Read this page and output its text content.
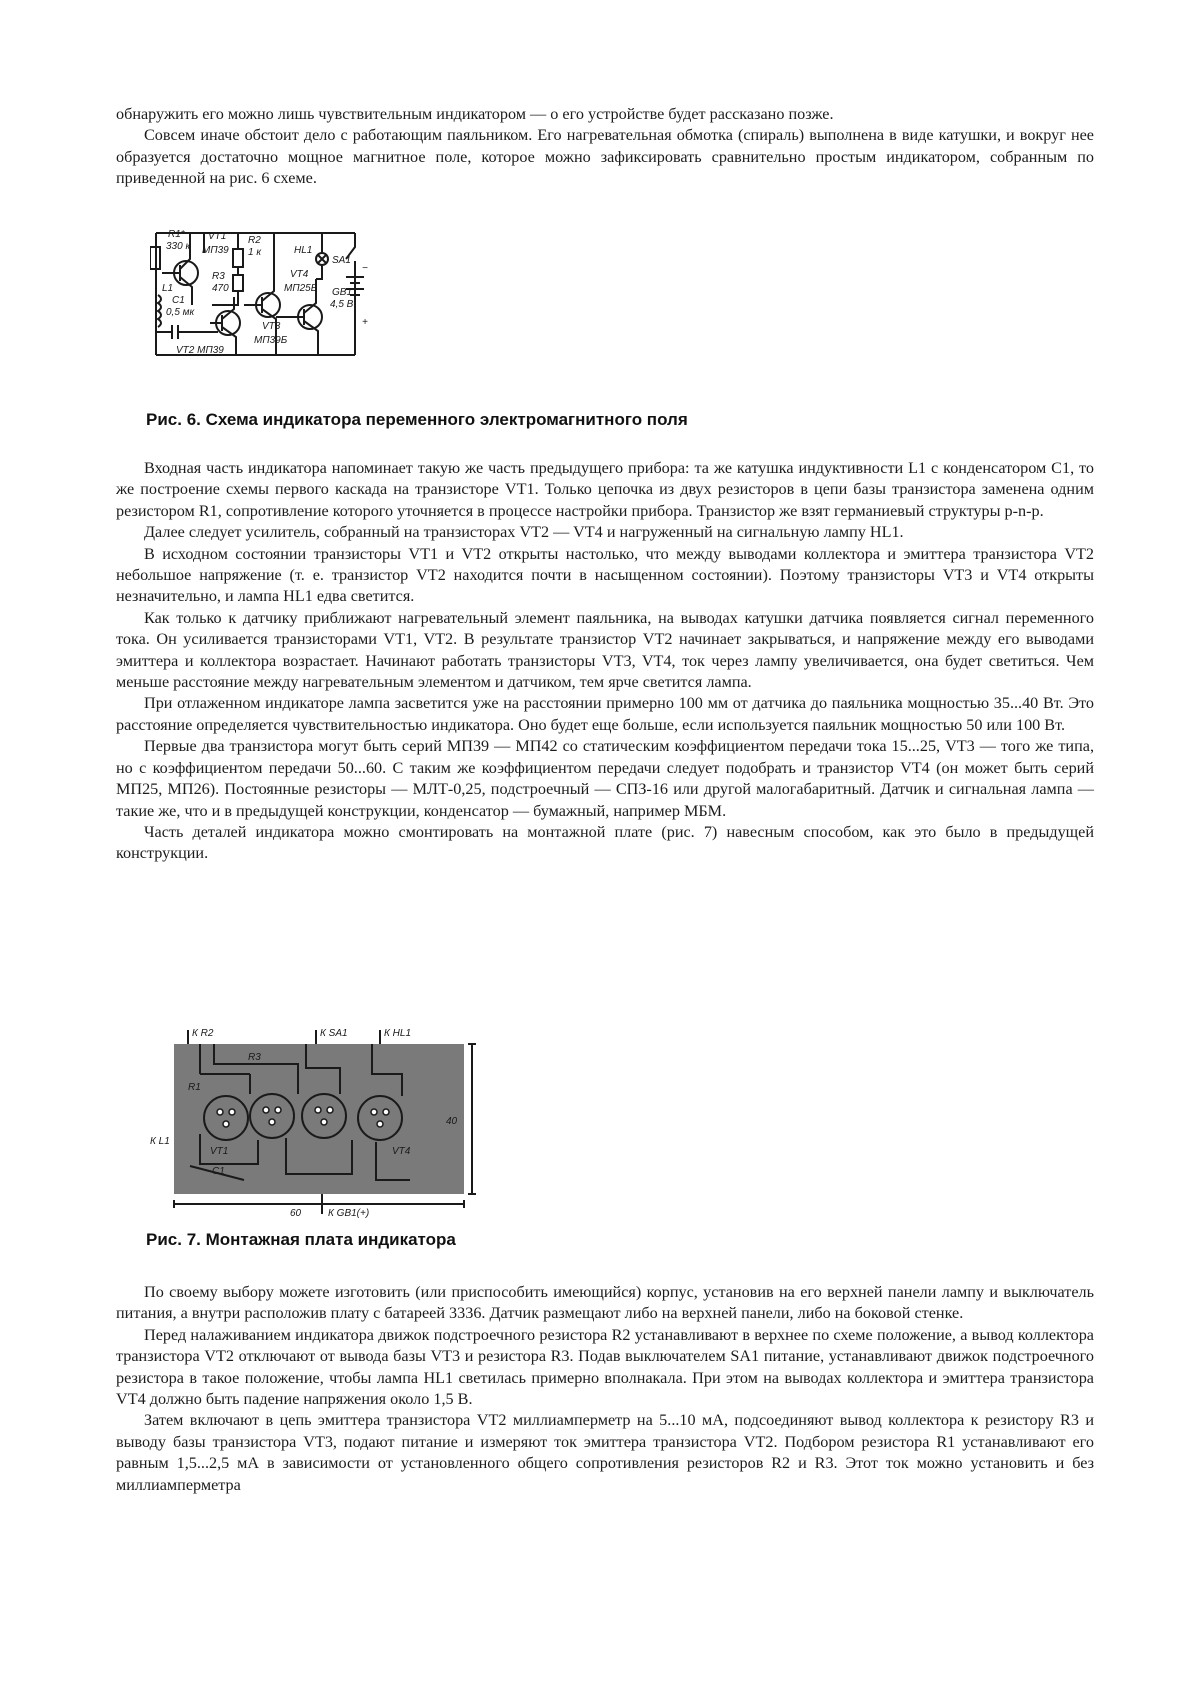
обнаружить его можно лишь чувствительным индикатором — о его устройстве будет рассказано позже.

Совсем иначе обстоит дело с работающим паяльником. Его нагревательная обмотка (спираль) выполнена в виде катушки, и вокруг нее образуется достаточно мощное магнитное поле, которое можно зафиксировать сравнительно простым индикатором, собранным по приведенной на рис. 6 схеме.

R1*
330 к
VT1
МП39
R2
1 к
R3
470
HL1
SA1
VT4
МП25Б GB1
4,5 В
L1
C1
0,5 мк
VT3
МП39Б
VT2 МП39
−
+
Рис. 6. Схема индикатора переменного электромагнитного поля

Входная часть индикатора напоминает такую же часть предыдущего прибора: та же катушка индуктивности L1 с конденсатором C1, то же построение схемы первого каскада на транзисторе VT1. Только цепочка из двух резисторов в цепи базы транзистора заменена одним резистором R1, сопротивление которого уточняется в процессе настройки прибора. Транзистор же взят германиевый структуры p-n-p.

Далее следует усилитель, собранный на транзисторах VT2 — VT4 и нагруженный на сигнальную лампу HL1.

В исходном состоянии транзисторы VT1 и VT2 открыты настолько, что между выводами коллектора и эмиттера транзистора VT2 небольшое напряжение (т. е. транзистор VT2 находится почти в насыщенном состоянии). Поэтому транзисторы VT3 и VT4 открыты незначительно, и лампа HL1 едва светится.

Как только к датчику приближают нагревательный элемент паяльника, на выводах катушки датчика появляется сигнал переменного тока. Он усиливается транзисторами VT1, VT2. В результате транзистор VT2 начинает закрываться, и напряжение между его выводами эмиттера и коллектора возрастает. Начинают работать транзисторы VT3, VT4, ток через лампу увеличивается, она будет светиться. Чем меньше расстояние между нагревательным элементом и датчиком, тем ярче светится лампа.

При отлаженном индикаторе лампа засветится уже на расстоянии примерно 100 мм от датчика до паяльника мощностью 35...40 Вт. Это расстояние определяется чувствительностью индикатора. Оно будет еще больше, если используется паяльник мощностью 50 или 100 Вт.

Первые два транзистора могут быть серий МП39 — МП42 со статическим коэффициентом передачи тока 15...25, VT3 — того же типа, но с коэффициентом передачи 50...60. С таким же коэффициентом передачи следует подобрать и транзистор VT4 (он может быть серий МП25, МП26). Постоянные резисторы — МЛТ-0,25, подстроечный — СПЗ-16 или другой малогабаритный. Датчик и сигнальная лампа — такие же, что и в предыдущей конструкции, конденсатор — бумажный, например МБМ.

Часть деталей индикатора можно смонтировать на монтажной плате (рис. 7) навесным способом, как это было в предыдущей конструкции.

К R2	К SA1	К HL1
К L1
К GB1(+)
60
40
R1
R3
C1
VT1	VT4
Рис. 7. Монтажная плата индикатора

По своему выбору можете изготовить (или приспособить имеющийся) корпус, установив на его верхней панели лампу и выключатель питания, а внутри расположив плату с батареей 3336. Датчик размещают либо на верхней панели, либо на боковой стенке.

Перед налаживанием индикатора движок подстроечного резистора R2 устанавливают в верхнее по схеме положение, а вывод коллектора транзистора VT2 отключают от вывода базы VT3 и резистора R3. Подав выключателем SA1 питание, устанавливают движок подстроечного резистора в такое положение, чтобы лампа HL1 светилась примерно вполнакала. При этом на выводах коллектора и эмиттера транзистора VT4 должно быть падение напряжения около 1,5 В.

Затем включают в цепь эмиттера транзистора VT2 миллиамперметр на 5...10 мА, подсоединяют вывод коллектора к резистору R3 и выводу базы транзистора VT3, подают питание и измеряют ток эмиттера транзистора VT2. Подбором резистора R1 устанавливают его равным 1,5...2,5 мА в зависимости от установленного общего сопротивления резисторов R2 и R3. Этот ток можно установить и без миллиамперметра
